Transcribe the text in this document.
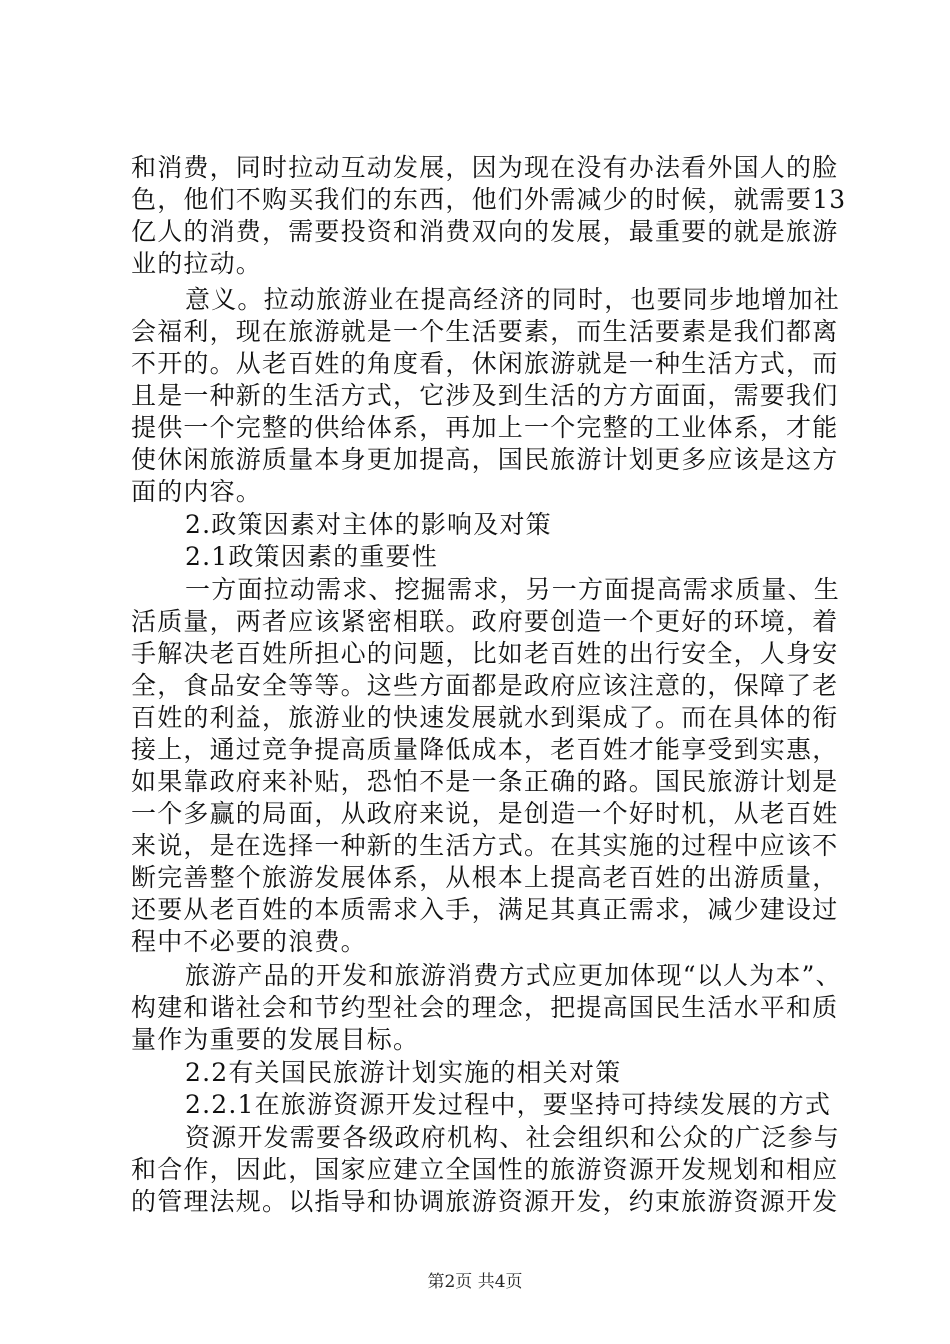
和消费，同时拉动互动发展，因为现在没有办法看外国人的脸
色，他们不购买我们的东西，他们外需减少的时候，就需要13
亿人的消费，需要投资和消费双向的发展，最重要的就是旅游
业的拉动。
意义。拉动旅游业在提高经济的同时，也要同步地增加社
会福利，现在旅游就是一个生活要素，而生活要素是我们都离
不开的。从老百姓的角度看，休闲旅游就是一种生活方式，而
且是一种新的生活方式，它涉及到生活的方方面面，需要我们
提供一个完整的供给体系，再加上一个完整的工业体系，才能
使休闲旅游质量本身更加提高，国民旅游计划更多应该是这方
面的内容。
2.政策因素对主体的影响及对策
2.1政策因素的重要性
一方面拉动需求、挖掘需求，另一方面提高需求质量、生
活质量，两者应该紧密相联。政府要创造一个更好的环境，着
手解决老百姓所担心的问题，比如老百姓的出行安全，人身安
全，食品安全等等。这些方面都是政府应该注意的，保障了老
百姓的利益，旅游业的快速发展就水到渠成了。而在具体的衔
接上，通过竞争提高质量降低成本，老百姓才能享受到实惠，
如果靠政府来补贴，恐怕不是一条正确的路。国民旅游计划是
一个多赢的局面，从政府来说，是创造一个好时机，从老百姓
来说，是在选择一种新的生活方式。在其实施的过程中应该不
断完善整个旅游发展体系，从根本上提高老百姓的出游质量，
还要从老百姓的本质需求入手，满足其真正需求，减少建设过
程中不必要的浪费。
旅游产品的开发和旅游消费方式应更加体现“以人为本”、
构建和谐社会和节约型社会的理念，把提高国民生活水平和质
量作为重要的发展目标。
2.2有关国民旅游计划实施的相关对策
2.2.1在旅游资源开发过程中，要坚持可持续发展的方式
资源开发需要各级政府机构、社会组织和公众的广泛参与
和合作，因此，国家应建立全国性的旅游资源开发规划和相应
的管理法规。以指导和协调旅游资源开发，约束旅游资源开发
第2页 共4页
